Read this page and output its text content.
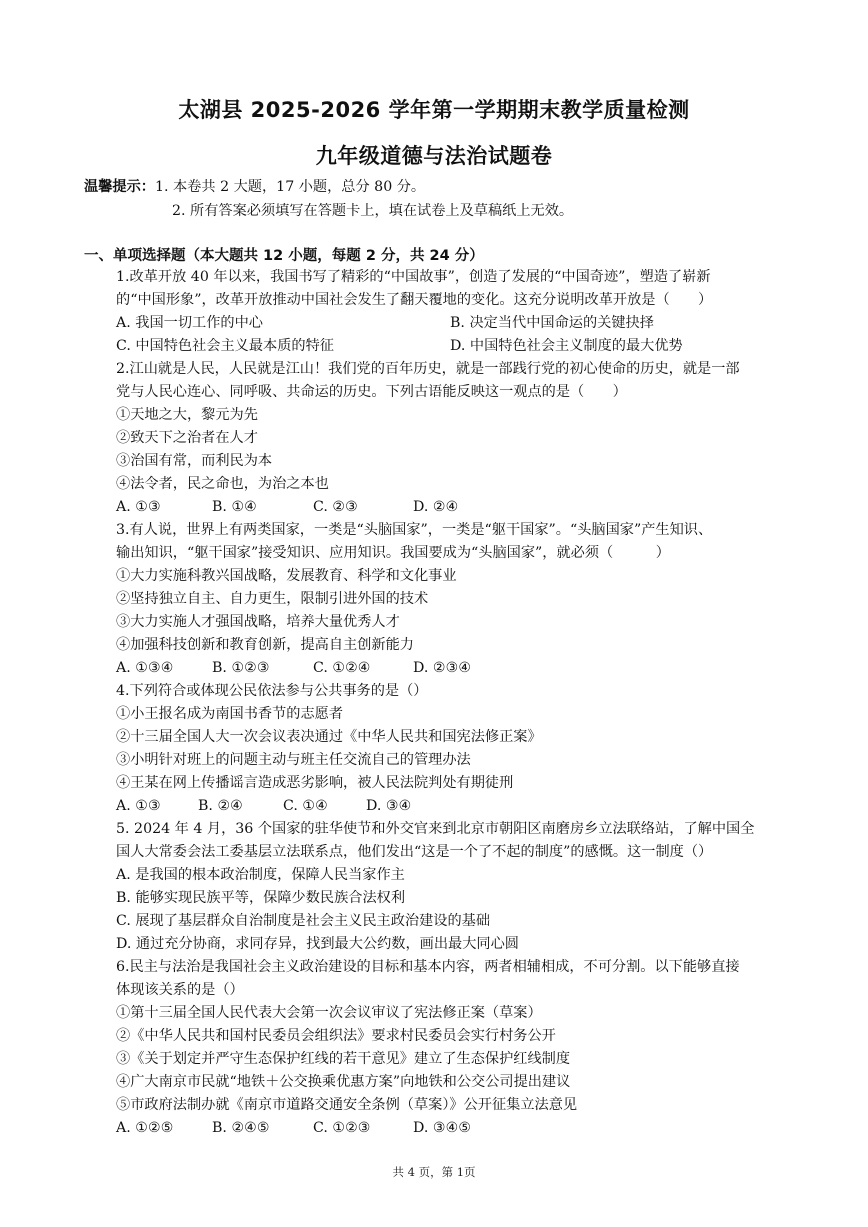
太湖县 2025-2026 学年第一学期期末教学质量检测
九年级道德与法治试题卷
温馨提示：1. 本卷共 2 大题，17 小题，总分 80 分。
2. 所有答案必须填写在答题卡上，填在试卷上及草稿纸上无效。
一、单项选择题（本大题共 12 小题，每题 2 分，共 24 分）
1.改革开放 40 年以来，我国书写了精彩的“中国故事”，创造了发展的“中国奇迹”，塑造了崭新
的“中国形象”，改革开放推动中国社会发生了翻天覆地的变化。这充分说明改革开放是（　　）
A. 我国一切工作的中心	B. 决定当代中国命运的关键抉择
C. 中国特色社会主义最本质的特征	D. 中国特色社会主义制度的最大优势
2.江山就是人民，人民就是江山！我们党的百年历史，就是一部践行党的初心使命的历史，就是一部
党与人民心连心、同呼吸、共命运的历史。下列古语能反映这一观点的是（　　）
①天地之大，黎元为先
②致天下之治者在人才
③治国有常，而利民为本
④法令者，民之命也，为治之本也
A. ①③	B. ①④	C. ②③	D. ②④
3.有人说，世界上有两类国家，一类是“头脑国家”，一类是“躯干国家”。“头脑国家”产生知识、
输出知识，“躯干国家”接受知识、应用知识。我国要成为“头脑国家”，就必须（　　　）
①大力实施科教兴国战略，发展教育、科学和文化事业
②坚持独立自主、自力更生，限制引进外国的技术
③大力实施人才强国战略，培养大量优秀人才
④加强科技创新和教育创新，提高自主创新能力
A. ①③④	B. ①②③	C. ①②④	D. ②③④
4.下列符合或体现公民依法参与公共事务的是（）
①小王报名成为南国书香节的志愿者
②十三届全国人大一次会议表决通过《中华人民共和国宪法修正案》
③小明针对班上的问题主动与班主任交流自己的管理办法
④王某在网上传播谣言造成恶劣影响，被人民法院判处有期徒刑
A. ①③	B. ②④	C. ①④	D. ③④
5. 2024 年 4 月，36 个国家的驻华使节和外交官来到北京市朝阳区南磨房乡立法联络站，了解中国全
国人大常委会法工委基层立法联系点，他们发出“这是一个了不起的制度”的感慨。这一制度（）
A. 是我国的根本政治制度，保障人民当家作主
B. 能够实现民族平等，保障少数民族合法权利
C. 展现了基层群众自治制度是社会主义民主政治建设的基础
D. 通过充分协商，求同存异，找到最大公约数，画出最大同心圆
6.民主与法治是我国社会主义政治建设的目标和基本内容，两者相辅相成，不可分割。以下能够直接
体现该关系的是（）
①第十三届全国人民代表大会第一次会议审议了宪法修正案（草案）
②《中华人民共和国村民委员会组织法》要求村民委员会实行村务公开
③《关于划定并严守生态保护红线的若干意见》建立了生态保护红线制度
④广大南京市民就“地铁＋公交换乘优惠方案”向地铁和公交公司提出建议
⑤市政府法制办就《南京市道路交通安全条例（草案）》公开征集立法意见
A. ①②⑤	B. ②④⑤	C. ①②③	D. ③④⑤
共 4 页，第 1页
